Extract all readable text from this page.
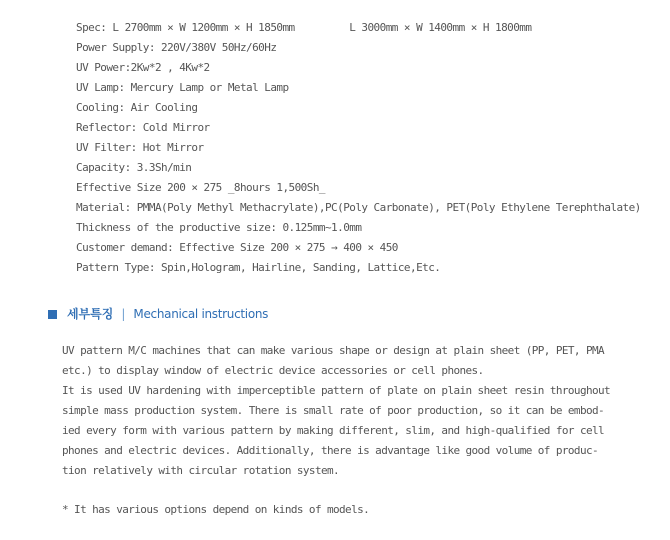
Spec: L 2700mm × W 1200mm × H 1850mm         L 3000mm × W 1400mm × H 1800mm
Power Supply: 220V/380V 50Hz/60Hz
UV Power:2Kw*2 , 4Kw*2
UV Lamp: Mercury Lamp or Metal Lamp
Cooling: Air Cooling
Reflector: Cold Mirror
UV Filter: Hot Mirror
Capacity: 3.3Sh/min
Effective Size 200 × 275 _8hours 1,500Sh_
Material: PMMA(Poly Methyl Methacrylate),PC(Poly Carbonate), PET(Poly Ethylene Terephthalate)
Thickness of the productive size: 0.125mm~1.0mm
Customer demand: Effective Size 200 × 275 → 400 × 450
Pattern Type: Spin,Hologram, Hairline, Sanding, Lattice,Etc.
세부특징 | Mechanical instructions
UV pattern M/C machines that can make various shape or design at plain sheet (PP, PET, PMA
etc.) to display window of electric device accessories or cell phones.
It is used UV hardening with imperceptible pattern of plate on plain sheet resin throughout
simple mass production system. There is small rate of poor production, so it can be embod-
ied every form with various pattern by making different, slim, and high-qualified for cell
phones and electric devices. Additionally, there is advantage like good volume of produc-
tion relatively with circular rotation system.
* It has various options depend on kinds of models.
